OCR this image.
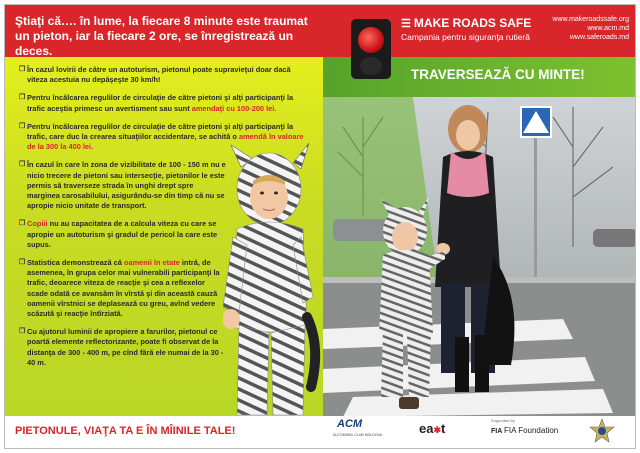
Ştiaţi că…. în lume, la fiecare 8 minute este traumat un pieton, iar la fiecare 2 ore, se înregistrează un deces.
❐ În cazul lovirii de către un autoturism, pietonul poate supravieţui doar dacă viteza acestuia nu depăşeşte 30 km/h!
❐ Pentru încălcarea regulilor de circulaţie de către pietoni şi alţi participanţi la trafic aceştia primesc un avertisment sau sunt amendaţi cu 100-200 lei.
❐ Pentru încălcarea regulilor de circulaţie de către pietoni şi alţi participanţi la trafic, care duc la crearea situaţiilor accidentare, se achită o amendă în valoare de la 300 la 400 lei.
❐ În cazul în care în zona de vizibilitate de 100 - 150 m nu e nicio trecere de pietoni sau intersecţie, pietonilor le este permis să traverseze strada în unghi drept spre marginea carosabilului, asigurându-se din timp că nu se apropie nicio unitate de transport.
❐ Copiii nu au capacitatea de a calcula viteza cu care se apropie un autoturism şi gradul de pericol la care este supus.
❐ Statistica demonstrează că oamenii în etate intră, de asemenea, în grupa celor mai vulnerabili participanţi la trafic, deoarece viteza de reacţie şi cea a reflexelor scade odată ce avansăm în vîrstă şi din această cauză oamenii vîrstnici se deplasează cu greu, avînd vedere scăzută şi reacţie întîrziată.
❐ Cu ajutorul luminii de apropiere a farurilor, pietonul ce poartă elemente reflectorizante, poate fi observat de la distanţa de 300 - 400 m, pe cînd fără ele numai de la 30 - 40 m.
PIETONULE, VIAŢA TA E ÎN MÎINILE TALE!
☰ MAKE ROADS SAFE
Campania pentru siguranţa rutieră
www.makeroadssafe.org
www.acm.md
www.saferoads.md
TRAVERSEAZĂ CU MINTE!
ACM
AUTOMOBIL CLUB MOLDOVA	ea✱t
Supported by
FIA FIA Foundation
